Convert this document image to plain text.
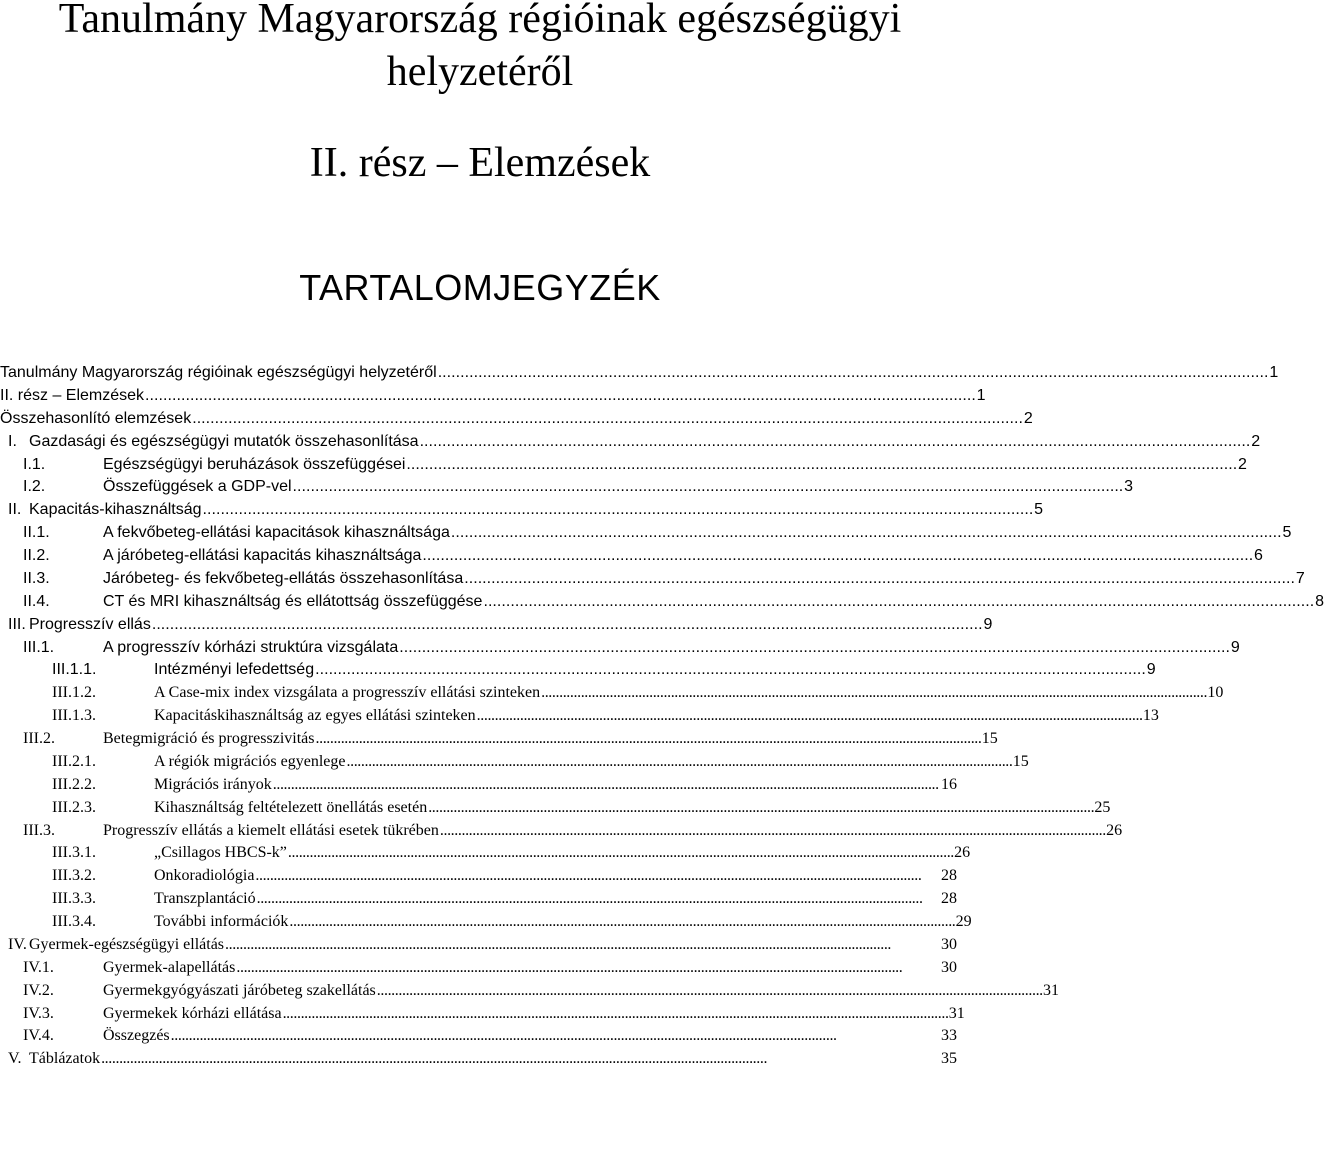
Tanulmány Magyarország régióinak egészségügyi
helyzetéről
II. rész – Elemzések
TARTALOMJEGYZÉK
Tanulmány Magyarország régióinak egészségügyi helyzetéről . . .	1
II. rész – Elemzések . . .	1
Összehasonlító elemzések . . .	2
I. Gazdasági és egészségügyi mutatók összehasonlítása . . .	2
I.1.	Egészségügyi beruházások összefüggései . . .	2
I.2.	Összefüggések a GDP-vel . . .	3
II. Kapacitás-kihasználtság . . .	5
II.1.	A fekvőbeteg-ellátási kapacitások kihasználtsága . . .	5
II.2.	A járóbeteg-ellátási kapacitás kihasználtsága . . .	6
II.3.	Járóbeteg- és fekvőbeteg-ellátás összehasonlítása . . .	7
II.4.	CT és MRI kihasználtság és ellátottság összefüggése . . .	8
III. Progresszív ellás . . .	9
III.1.	A progresszív kórházi struktúra vizsgálata . . .	9
III.1.1.	Intézményi lefedettség . . .	9
III.1.2.	A Case-mix index vizsgálata a progresszív ellátási szinteken . . .	10
III.1.3.	Kapacitáskihasználtság az egyes ellátási szinteken . . .	13
III.2.	Betegmigráció és progresszivitás . . .	15
III.2.1.	A régiók migrációs egyenlege . . .	15
III.2.2.	Migrációs irányok . . .	16
III.2.3.	Kihasználtság feltételezett önellátás esetén . . .	25
III.3.	Progresszív ellátás a kiemelt ellátási esetek tükrében . . .	26
III.3.1.	„Csillagos HBCS-k” . . .	26
III.3.2.	Onkoradiológia . . .	28
III.3.3.	Transzplantáció . . .	28
III.3.4.	További információk . . .	29
IV. Gyermek-egészségügyi ellátás . . .	30
IV.1.	Gyermek-alapellátás . . .	30
IV.2.	Gyermekgyógyászati járóbeteg szakellátás . . .	31
IV.3.	Gyermekek kórházi ellátása . . .	31
IV.4.	Összegzés . . .	33
V. Táblázatok . . .	35
